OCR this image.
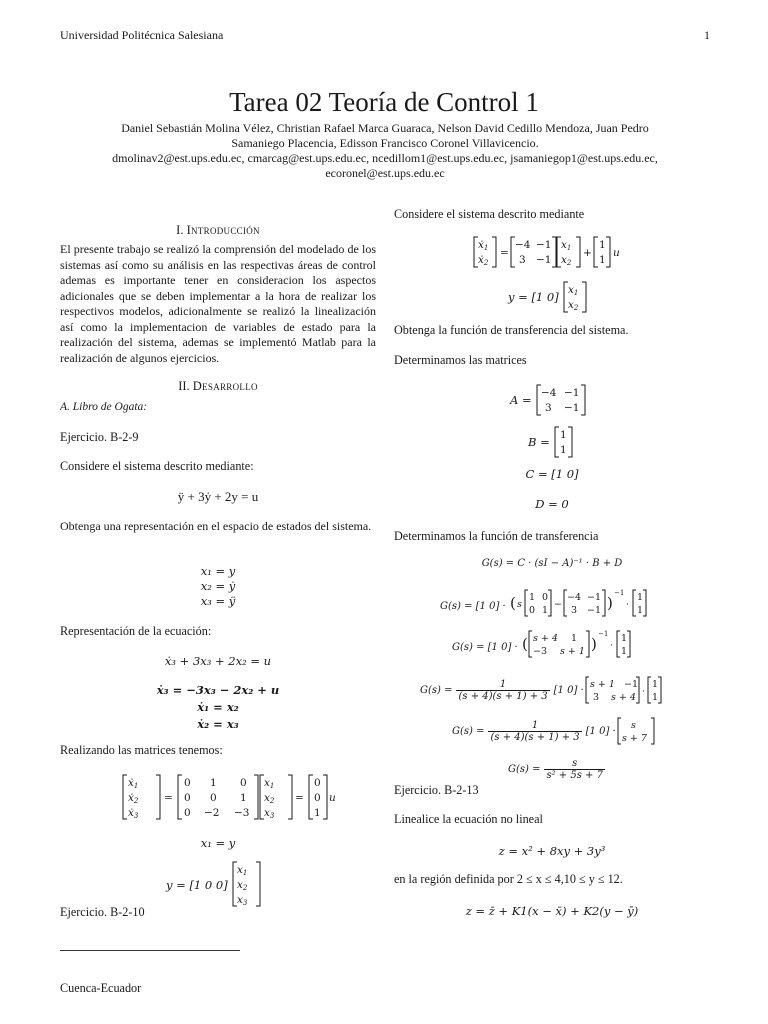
Universidad Politécnica Salesiana	1
Tarea 02 Teoría de Control 1
Daniel Sebastián Molina Vélez, Christian Rafael Marca Guaraca, Nelson David Cedillo Mendoza, Juan Pedro
Samaniego Placencia, Edisson Francisco Coronel Villavicencio.
dmolinav2@est.ups.edu.ec, cmarcag@est.ups.edu.ec, ncedillom1@est.ups.edu.ec, jsamaniegop1@est.ups.edu.ec,
ecoronel@est.ups.edu.ec
I. Introducción
El presente trabajo se realizó la comprensión del modelado de los sistemas así como su análisis en las respectivas áreas de control ademas es importante tener en consideracion los aspectos adicionales que se deben implementar a la hora de realizar los respectivos modelos, adicionalmente se realizó la linealización así como la implementacion de variables de estado para la realización del sistema, ademas se implementó Matlab para la realización de algunos ejercicios.
II. Desarrollo
A. Libro de Ogata:
Ejercicio. B-2-9
Considere el sistema descrito mediante:
ÿ + 3ẏ + 2y = u
Obtenga una representación en el espacio de estados del sistema.
x₁ = y
x₂ = ẏ
x₃ = ÿ
Representación de la ecuación:
ẋ₃ + 3x₃ + 2x₂ = u
ẋ₃ = −3x₃ − 2x₂ + u
ẋ₁ = x₂
ẋ₂ = x₃
Realizando las matrices tenemos:
ẋ1
ẋ2
ẋ3
=
0 1 0
0 0 1
0 −2 −3
x1
x2
x3
=
0
0
1
u
x₁ = y
$_{y = [1 0 0]}$
x1
x2
x3
Ejercicio. B-2-10
Cuenca-Ecuador
Considere el sistema descrito mediante
ẋ1
ẋ2
=
−4 −1
3 −1
x1
x2
+
1
1
u
$_{y = [1 0]}$ x1
x2
Obtenga la función de transferencia del sistema.
Determinamos las matrices
$_{A =}$ −4 −1
3 −1
$_{B =}$ 1
1
C = [1 0]
D = 0
Determinamos la función de transferencia
G(s) = C · (sI − A)⁻¹ · B + D
$_{G(s) = [1 0] \cdot}$ ( s
1 0
0 1
−
−4 −1
3 −1 )
−1
·
1
1
$_{G(s) = [1 0] \cdot}$ ( s + 4 1
−3 s + 1 )
−1
·
1
1
$G(s) = \frac{1}{(s + 4)(s + 1) + 3} [1$ 0] · s + 1 −1
3 s + 4
·
1
1
$G(s) = \frac{1}{(s + 4)(s + 1) + 3} [1$ 0] · s
s + 7
$G(s) = \frac{s}{\text{s² + 5s + 7}}$
Ejercicio. B-2-13
Linealice la ecuación no lineal
z = x² + 8xy + 3y³
en la región definida por 2 ≤ x ≤ 4,10 ≤ y ≤ 12.
z = z̄ + K1(x − x̄) + K2(y − ȳ)
